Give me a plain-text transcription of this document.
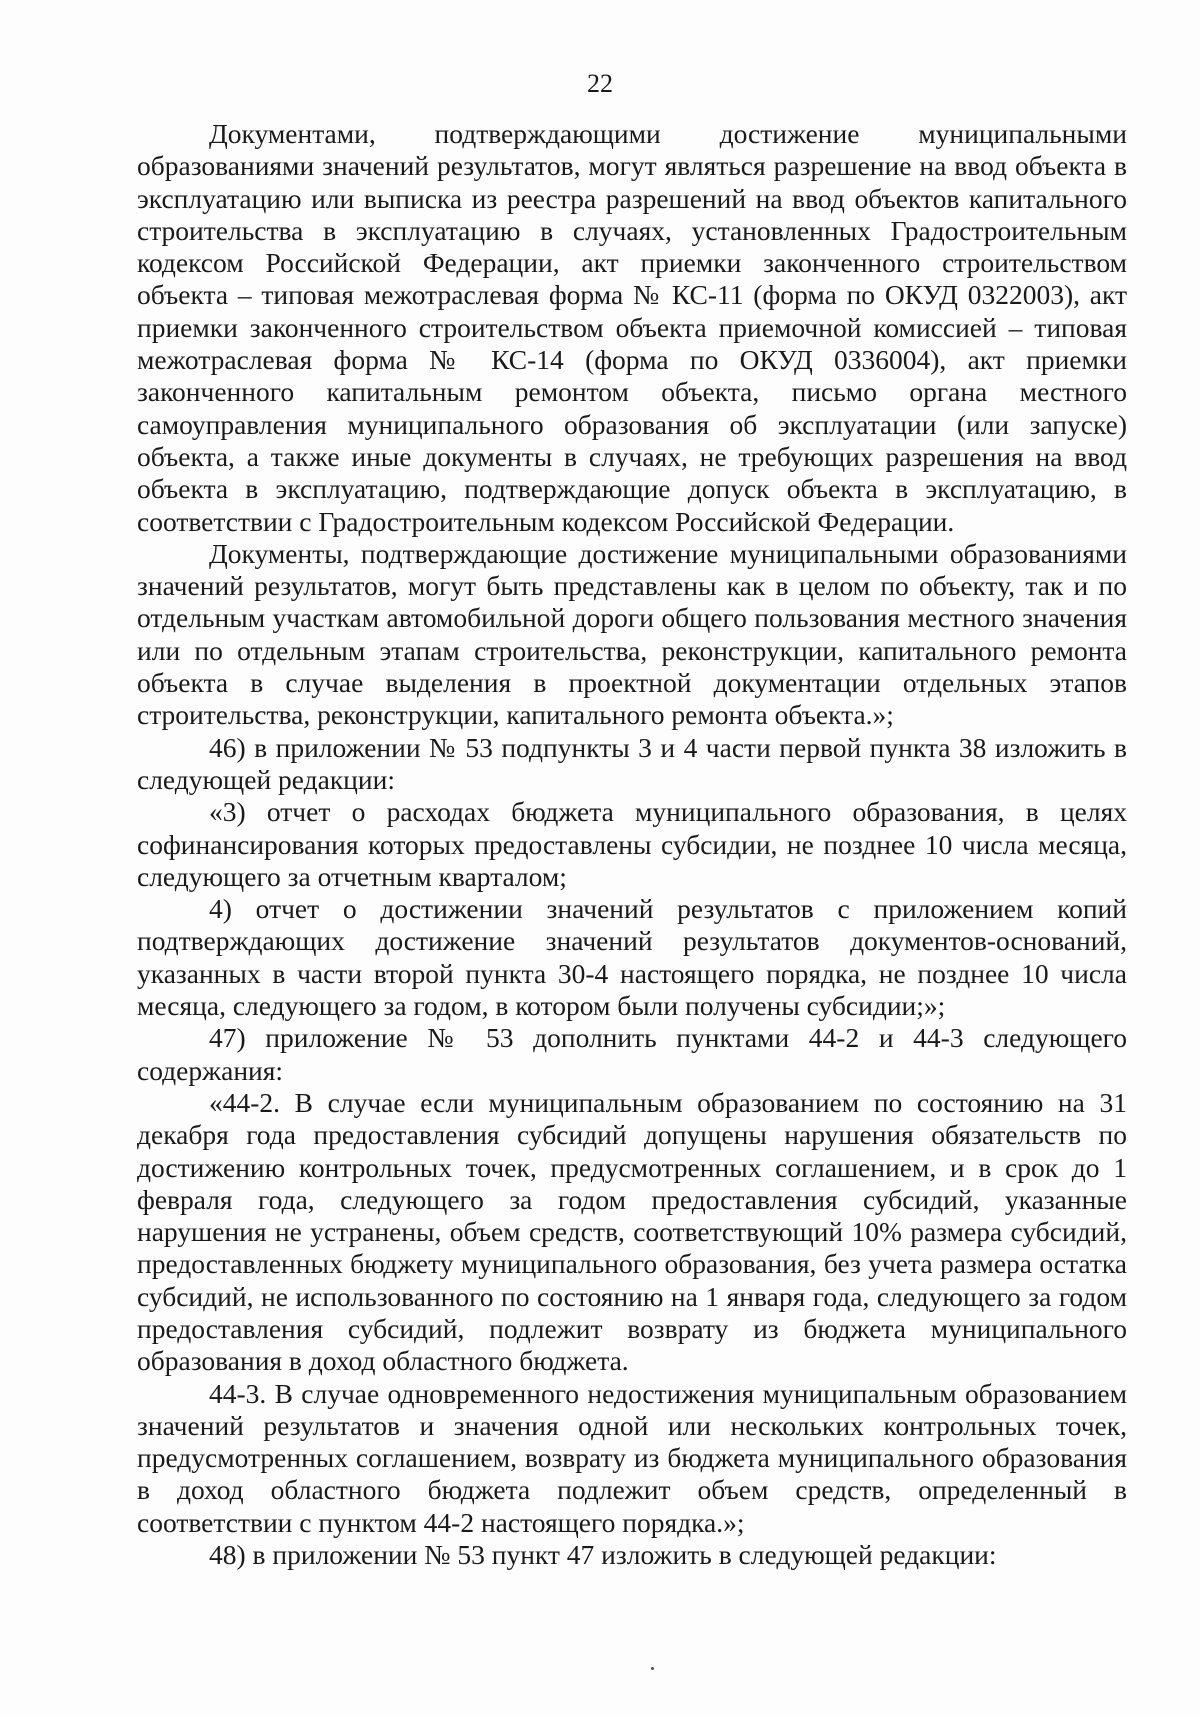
22

Документами, подтверждающими достижение муниципальными образованиями значений результатов, могут являться разрешение на ввод объекта в эксплуатацию или выписка из реестра разрешений на ввод объектов капитального строительства в эксплуатацию в случаях, установленных Градостроительным кодексом Российской Федерации, акт приемки законченного строительством объекта – типовая межотраслевая форма № КС-11 (форма по ОКУД 0322003), акт приемки законченного строительством объекта приемочной комиссией – типовая межотраслевая форма № КС-14 (форма по ОКУД 0336004), акт приемки законченного капитальным ремонтом объекта, письмо органа местного самоуправления муниципального образования об эксплуатации (или запуске) объекта, а также иные документы в случаях, не требующих разрешения на ввод объекта в эксплуатацию, подтверждающие допуск объекта в эксплуатацию, в соответствии с Градостроительным кодексом Российской Федерации.

Документы, подтверждающие достижение муниципальными образованиями значений результатов, могут быть представлены как в целом по объекту, так и по отдельным участкам автомобильной дороги общего пользования местного значения или по отдельным этапам строительства, реконструкции, капитального ремонта объекта в случае выделения в проектной документации отдельных этапов строительства, реконструкции, капитального ремонта объекта.»;

46) в приложении № 53 подпункты 3 и 4 части первой пункта 38 изложить в следующей редакции:

«3) отчет о расходах бюджета муниципального образования, в целях софинансирования которых предоставлены субсидии, не позднее 10 числа месяца, следующего за отчетным кварталом;

4) отчет о достижении значений результатов с приложением копий подтверждающих достижение значений результатов документов-оснований, указанных в части второй пункта 30-4 настоящего порядка, не позднее 10 числа месяца, следующего за годом, в котором были получены субсидии;»;

47) приложение № 53 дополнить пунктами 44-2 и 44-3 следующего содержания:

«44-2. В случае если муниципальным образованием по состоянию на 31 декабря года предоставления субсидий допущены нарушения обязательств по достижению контрольных точек, предусмотренных соглашением, и в срок до 1 февраля года, следующего за годом предоставления субсидий, указанные нарушения не устранены, объем средств, соответствующий 10% размера субсидий, предоставленных бюджету муниципального образования, без учета размера остатка субсидий, не использованного по состоянию на 1 января года, следующего за годом предоставления субсидий, подлежит возврату из бюджета муниципального образования в доход областного бюджета.

44-3. В случае одновременного недостижения муниципальным образованием значений результатов и значения одной или нескольких контрольных точек, предусмотренных соглашением, возврату из бюджета муниципального образования в доход областного бюджета подлежит объем средств, определенный в соответствии с пунктом 44-2 настоящего порядка.»;

48) в приложении № 53 пункт 47 изложить в следующей редакции:
